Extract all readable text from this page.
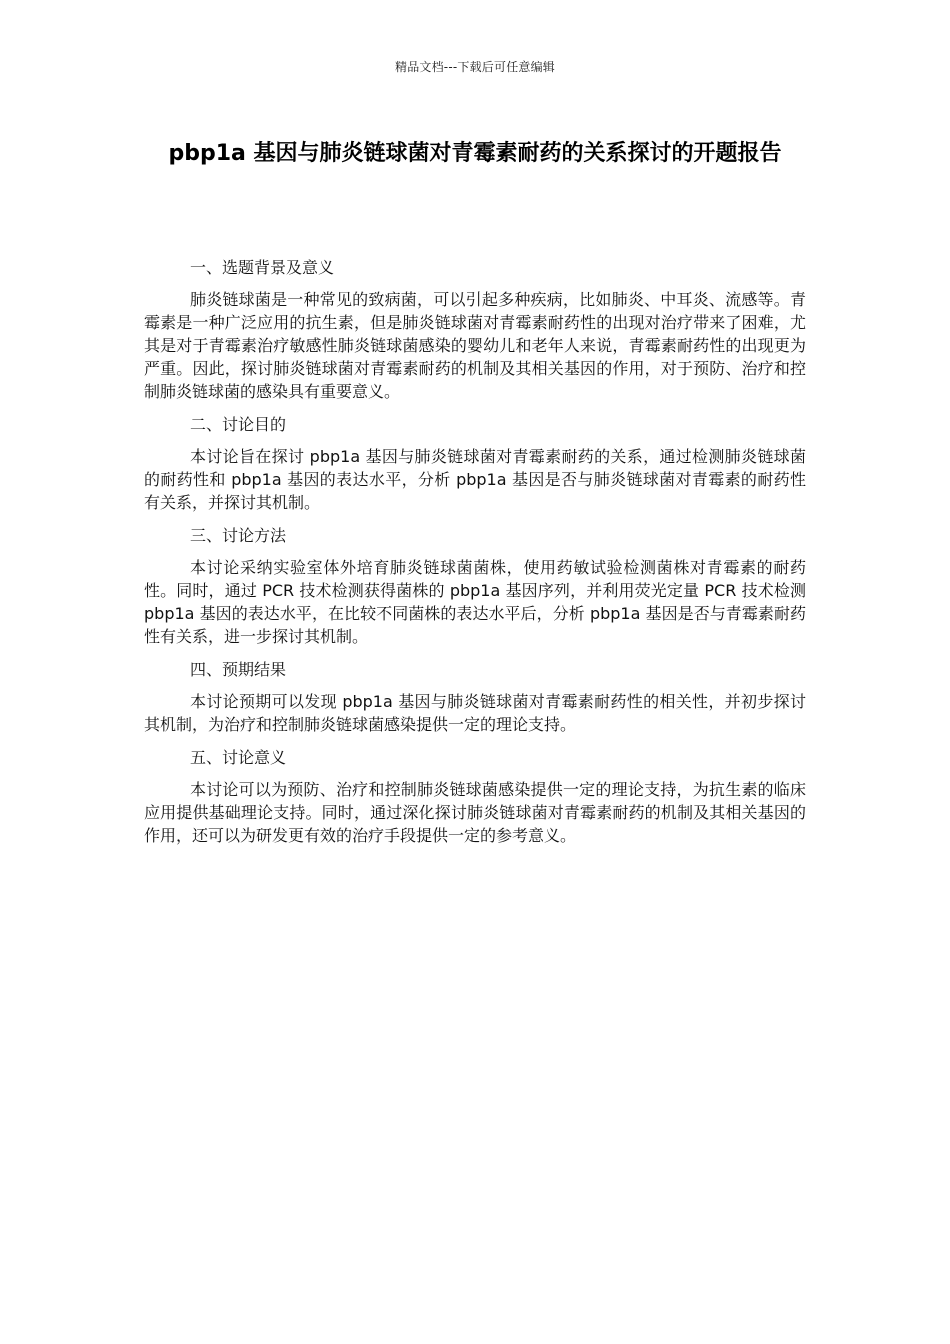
精品文档---下载后可任意编辑
pbp1a 基因与肺炎链球菌对青霉素耐药的关系探讨的开题报告
一、选题背景及意义

肺炎链球菌是一种常见的致病菌，可以引起多种疾病，比如肺炎、中耳炎、流感等。青霉素是一种广泛应用的抗生素，但是肺炎链球菌对青霉素耐药性的出现对治疗带来了困难，尤其是对于青霉素治疗敏感性肺炎链球菌感染的婴幼儿和老年人来说，青霉素耐药性的出现更为严重。因此，探讨肺炎链球菌对青霉素耐药的机制及其相关基因的作用，对于预防、治疗和控制肺炎链球菌的感染具有重要意义。

二、讨论目的

本讨论旨在探讨 pbp1a 基因与肺炎链球菌对青霉素耐药的关系，通过检测肺炎链球菌的耐药性和 pbp1a 基因的表达水平，分析 pbp1a 基因是否与肺炎链球菌对青霉素的耐药性有关系，并探讨其机制。

三、讨论方法

本讨论采纳实验室体外培育肺炎链球菌菌株，使用药敏试验检测菌株对青霉素的耐药性。同时，通过 PCR 技术检测获得菌株的 pbp1a 基因序列，并利用荧光定量 PCR 技术检测 pbp1a 基因的表达水平，在比较不同菌株的表达水平后，分析 pbp1a 基因是否与青霉素耐药性有关系，进一步探讨其机制。

四、预期结果

本讨论预期可以发现 pbp1a 基因与肺炎链球菌对青霉素耐药性的相关性，并初步探讨其机制，为治疗和控制肺炎链球菌感染提供一定的理论支持。

五、讨论意义

本讨论可以为预防、治疗和控制肺炎链球菌感染提供一定的理论支持，为抗生素的临床应用提供基础理论支持。同时，通过深化探讨肺炎链球菌对青霉素耐药的机制及其相关基因的作用，还可以为研发更有效的治疗手段提供一定的参考意义。
